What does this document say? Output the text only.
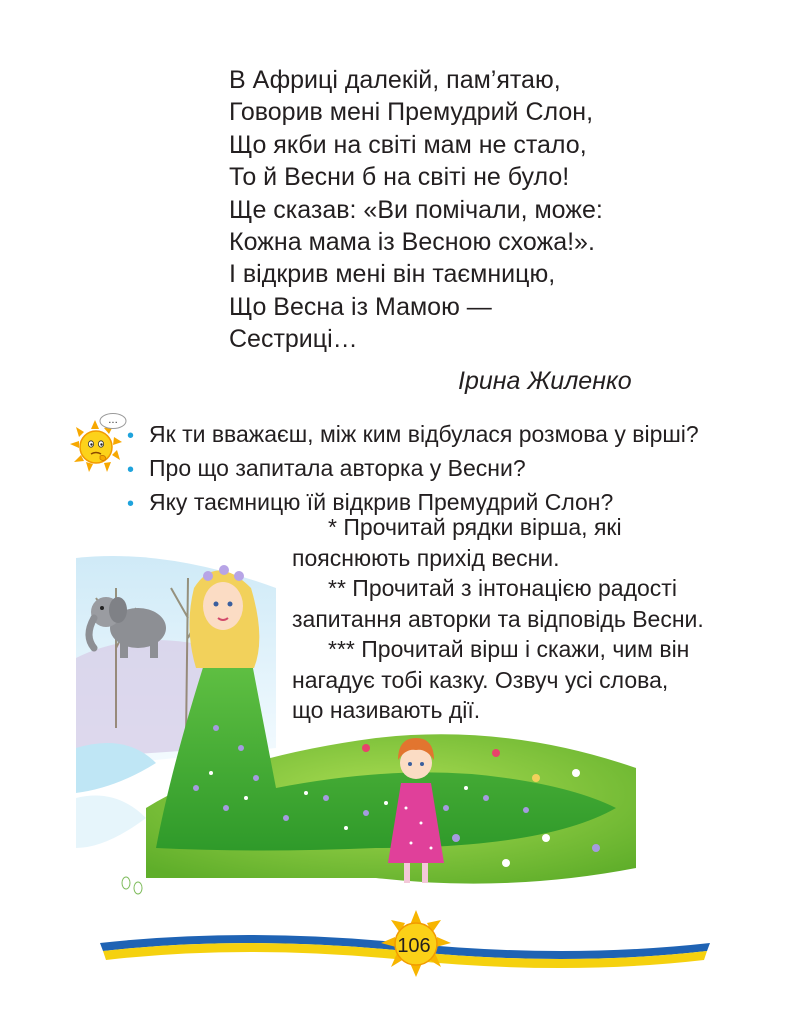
В Африці далекій, пам’ятаю,
Говорив мені Премудрий Слон,
Що якби на світі мам не стало,
То й Весни б на світі не було!
Ще сказав: «Ви помічали, може:
Кожна мама із Весною схожа!».
І відкрив мені він таємницю,
Що Весна із Мамою —
Сестриці…
Ірина Жиленко
...
• Як ти вважаєш, між ким відбулася розмова у вірші?
• Про що запитала авторка у Весни?
• Яку таємницю їй відкрив Премудрий Слон?
* Прочитай рядки вірша, які
пояснюють прихід весни.
** Прочитай з інтонацією радості
запитання авторки та відповідь Весни.
*** Прочитай вірш і скажи, чим він
нагадує тобі казку. Озвуч усі слова,
що називають дії.
106
